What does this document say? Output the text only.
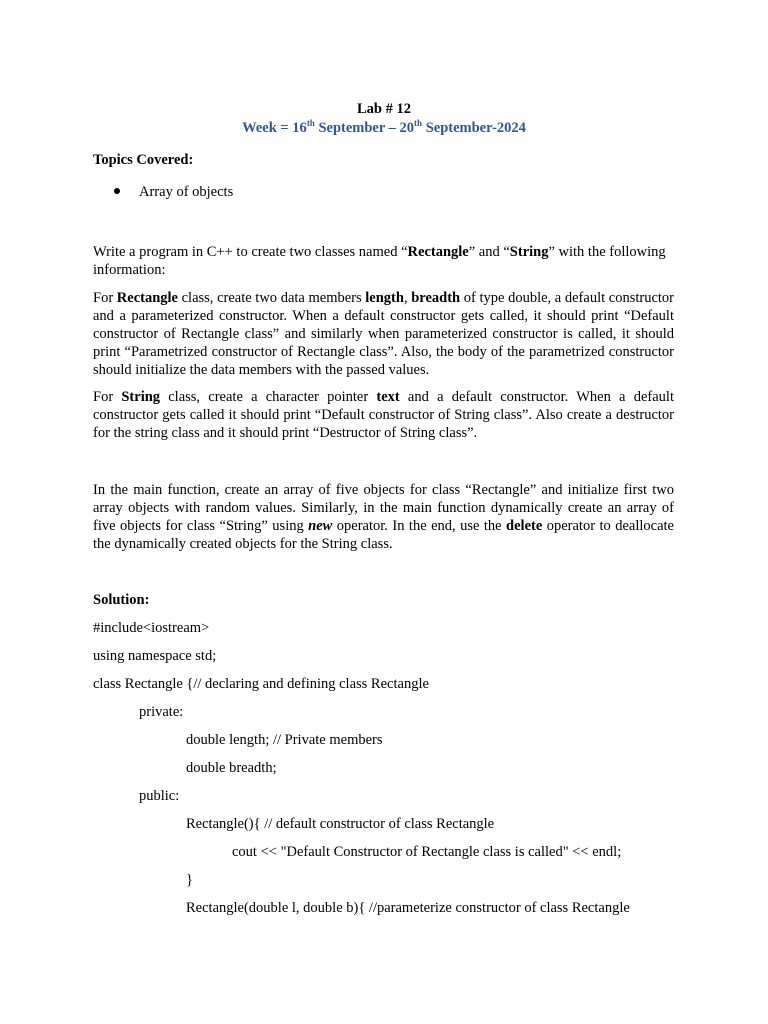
Lab # 12
Week = 16th September – 20th September-2024
Topics Covered:
Array of objects
Write a program in C++ to create two classes named “Rectangle” and “String” with the following information:
For Rectangle class, create two data members length, breadth of type double, a default constructor and a parameterized constructor. When a default constructor gets called, it should print “Default constructor of Rectangle class” and similarly when parameterized constructor is called, it should print “Parametrized constructor of Rectangle class”. Also, the body of the parametrized constructor should initialize the data members with the passed values.
For String class, create a character pointer text and a default constructor. When a default constructor gets called it should print “Default constructor of String class”. Also create a destructor for the string class and it should print “Destructor of String class”.
In the main function, create an array of five objects for class “Rectangle” and initialize first two array objects with random values. Similarly, in the main function dynamically create an array of five objects for class “String” using new operator. In the end, use the delete operator to deallocate the dynamically created objects for the String class.
Solution:
#include<iostream>
using namespace std;
class Rectangle {// declaring and defining class Rectangle
private:
double length; // Private members
double breadth;
public:
Rectangle(){ // default constructor of class Rectangle
cout << "Default Constructor of Rectangle class is called" << endl;
}
Rectangle(double l, double b){ //parameterize constructor of class Rectangle
